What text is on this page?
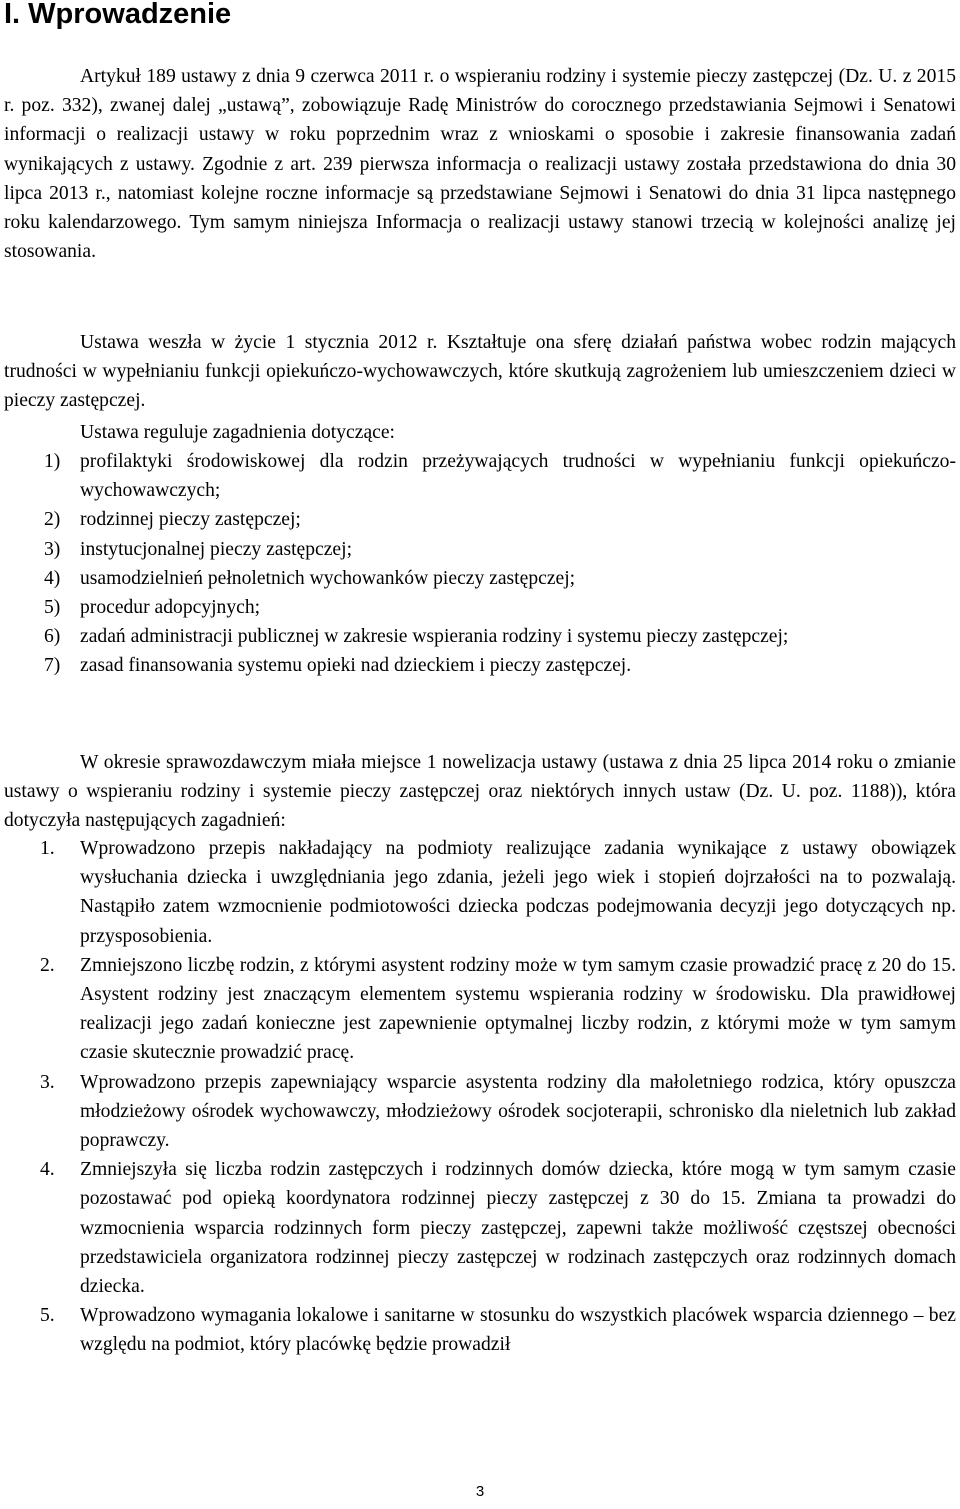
I. Wprowadzenie

Artykuł 189 ustawy z dnia 9 czerwca 2011 r. o wspieraniu rodziny i systemie pieczy zastępczej (Dz. U. z 2015 r. poz. 332), zwanej dalej „ustawą”, zobowiązuje Radę Ministrów do corocznego przedstawiania Sejmowi i Senatowi informacji o realizacji ustawy w roku poprzednim wraz z wnioskami o sposobie i zakresie finansowania zadań wynikających z ustawy. Zgodnie z art. 239 pierwsza informacja o realizacji ustawy została przedstawiona do dnia 30 lipca 2013 r., natomiast kolejne roczne informacje są przedstawiane Sejmowi i Senatowi do dnia 31 lipca następnego roku kalendarzowego. Tym samym niniejsza Informacja o realizacji ustawy stanowi trzecią w kolejności analizę jej stosowania.

Ustawa weszła w życie 1 stycznia 2012 r. Kształtuje ona sferę działań państwa wobec rodzin mających trudności w wypełnianiu funkcji opiekuńczo-wychowawczych, które skutkują zagrożeniem lub umieszczeniem dzieci w pieczy zastępczej.

Ustawa reguluje zagadnienia dotyczące:

1) profilaktyki środowiskowej dla rodzin przeżywających trudności w wypełnianiu funkcji opiekuńczo-wychowawczych;
2) rodzinnej pieczy zastępczej;
3) instytucjonalnej pieczy zastępczej;
4) usamodzielnień pełnoletnich wychowanków pieczy zastępczej;
5) procedur adopcyjnych;
6) zadań administracji publicznej w zakresie wspierania rodziny i systemu pieczy zastępczej;
7) zasad finansowania systemu opieki nad dzieckiem i pieczy zastępczej.

W okresie sprawozdawczym miała miejsce 1 nowelizacja ustawy (ustawa z dnia 25 lipca 2014 roku o zmianie ustawy o wspieraniu rodziny i systemie pieczy zastępczej oraz niektórych innych ustaw (Dz. U. poz. 1188)), która dotyczyła następujących zagadnień:

1. Wprowadzono przepis nakładający na podmioty realizujące zadania wynikające z ustawy obowiązek wysłuchania dziecka i uwzględniania jego zdania, jeżeli jego wiek i stopień dojrzałości na to pozwalają. Nastąpiło zatem wzmocnienie podmiotowości dziecka podczas podejmowania decyzji jego dotyczących np. przysposobienia.
2. Zmniejszono liczbę rodzin, z którymi asystent rodziny może w tym samym czasie prowadzić pracę z 20 do 15. Asystent rodziny jest znaczącym elementem systemu wspierania rodziny w środowisku. Dla prawidłowej realizacji jego zadań konieczne jest zapewnienie optymalnej liczby rodzin, z którymi może w tym samym czasie skutecznie prowadzić pracę.
3. Wprowadzono przepis zapewniający wsparcie asystenta rodziny dla małoletniego rodzica, który opuszcza młodzieżowy ośrodek wychowawczy, młodzieżowy ośrodek socjoterapii, schronisko dla nieletnich lub zakład poprawczy.
4. Zmniejszyła się liczba rodzin zastępczych i rodzinnych domów dziecka, które mogą w tym samym czasie pozostawać pod opieką koordynatora rodzinnej pieczy zastępczej z 30 do 15. Zmiana ta prowadzi do wzmocnienia wsparcia rodzinnych form pieczy zastępczej, zapewni także możliwość częstszej obecności przedstawiciela organizatora rodzinnej pieczy zastępczej w rodzinach zastępczych oraz rodzinnych domach dziecka.
5. Wprowadzono wymagania lokalowe i sanitarne w stosunku do wszystkich placówek wsparcia dziennego – bez względu na podmiot, który placówkę będzie prowadził
3
